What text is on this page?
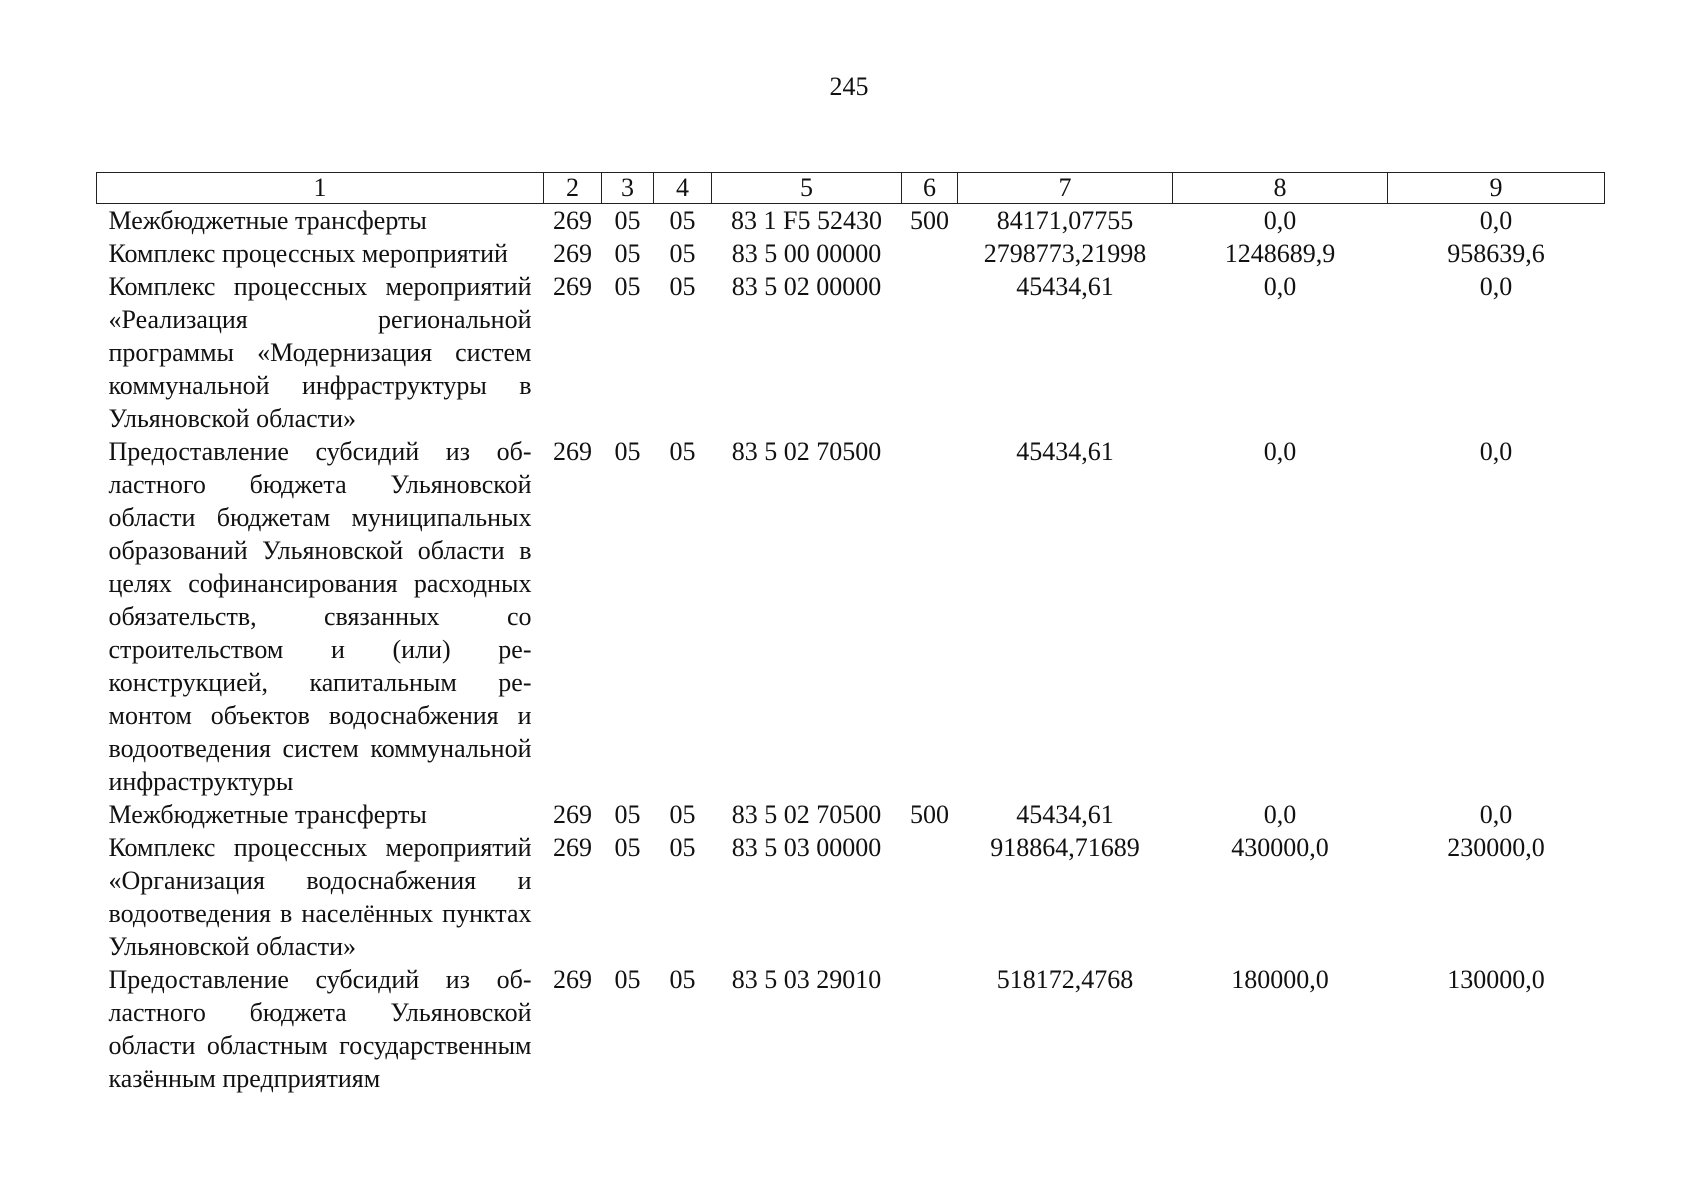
245
1	2	3	4	5	6	7	8	9
Межбюджетные трансферты	269	05	05	83 1 F5 52430	500	84171,07755	0,0	0,0
Комплекс процессных мероприятий	269	05	05	83 5 00 00000		2798773,21998	1248689,9	958639,6
Комплекс процессных мероприятий «Реализация региональной программы «Модернизация систем коммунальной инфраструктуры в Ульяновской области»	269	05	05	83 5 02 00000		45434,61	0,0	0,0
Предоставление субсидий из областного бюджета Ульяновской области бюджетам муниципальных образований Ульяновской области в целях софинансирования расходных обязательств, связанных со строительством и (или) реконструкцией, капитальным ремонтом объектов водоснабжения и водоотведения систем коммунальной инфраструктуры	269	05	05	83 5 02 70500		45434,61	0,0	0,0
Межбюджетные трансферты	269	05	05	83 5 02 70500	500	45434,61	0,0	0,0
Комплекс процессных мероприятий «Организация водоснабжения и водоотведения в населённых пунктах Ульяновской области»	269	05	05	83 5 03 00000		918864,71689	430000,0	230000,0
Предоставление субсидий из областного бюджета Ульяновской области областным государственным казённым предприятиям	269	05	05	83 5 03 29010		518172,4768	180000,0	130000,0
